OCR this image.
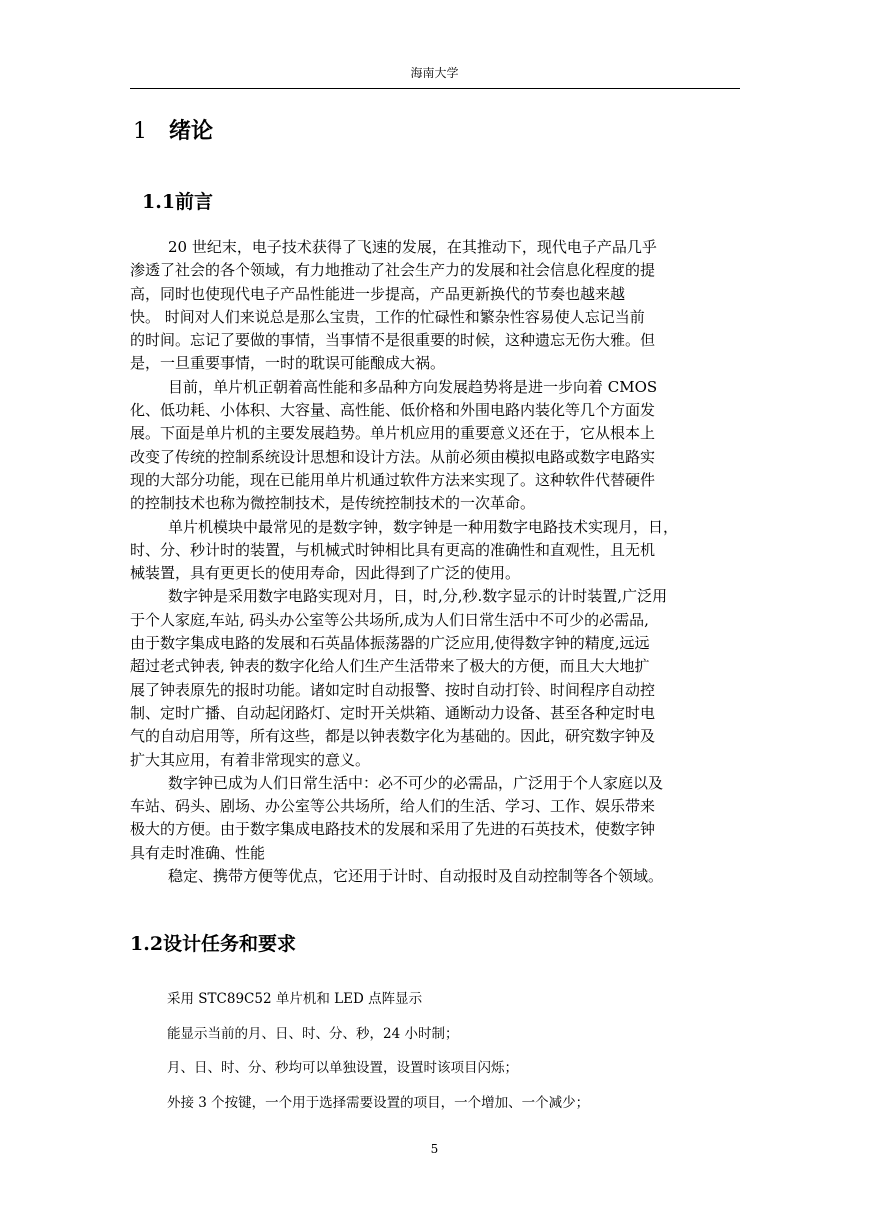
海南大学
1 绪论
1.1前言
20 世纪末，电子技术获得了飞速的发展，在其推动下，现代电子产品几乎
渗透了社会的各个领域，有力地推动了社会生产力的发展和社会信息化程度的提
高，同时也使现代电子产品性能进一步提高，产品更新换代的节奏也越来越
快。 时间对人们来说总是那么宝贵，工作的忙碌性和繁杂性容易使人忘记当前
的时间。忘记了要做的事情，当事情不是很重要的时候，这种遗忘无伤大雅。但
是，一旦重要事情，一时的耽误可能酿成大祸。
目前，单片机正朝着高性能和多品种方向发展趋势将是进一步向着 CMOS
化、低功耗、小体积、大容量、高性能、低价格和外围电路内装化等几个方面发
展。下面是单片机的主要发展趋势。单片机应用的重要意义还在于，它从根本上
改变了传统的控制系统设计思想和设计方法。从前必须由模拟电路或数字电路实
现的大部分功能，现在已能用单片机通过软件方法来实现了。这种软件代替硬件
的控制技术也称为微控制技术，是传统控制技术的一次革命。
单片机模块中最常见的是数字钟，数字钟是一种用数字电路技术实现月，日，
时、分、秒计时的装置，与机械式时钟相比具有更高的准确性和直观性，且无机
械装置，具有更更长的使用寿命，因此得到了广泛的使用。
数字钟是采用数字电路实现对月，日，时,分,秒.数字显示的计时装置,广泛用
于个人家庭,车站, 码头办公室等公共场所,成为人们日常生活中不可少的必需品,
由于数字集成电路的发展和石英晶体振荡器的广泛应用,使得数字钟的精度,远远
超过老式钟表, 钟表的数字化给人们生产生活带来了极大的方便，而且大大地扩
展了钟表原先的报时功能。诸如定时自动报警、按时自动打铃、时间程序自动控
制、定时广播、自动起闭路灯、定时开关烘箱、通断动力设备、甚至各种定时电
气的自动启用等，所有这些，都是以钟表数字化为基础的。因此，研究数字钟及
扩大其应用，有着非常现实的意义。
数字钟已成为人们日常生活中：必不可少的必需品，广泛用于个人家庭以及
车站、码头、剧场、办公室等公共场所，给人们的生活、学习、工作、娱乐带来
极大的方便。由于数字集成电路技术的发展和采用了先进的石英技术，使数字钟
具有走时准确、性能
稳定、携带方便等优点，它还用于计时、自动报时及自动控制等各个领域。
1.2设计任务和要求
采用 STC89C52 单片机和 LED 点阵显示
能显示当前的月、日、时、分、秒，24 小时制；
月、日、时、分、秒均可以单独设置，设置时该项目闪烁；
外接 3 个按键，一个用于选择需要设置的项目，一个增加、一个减少；
5
